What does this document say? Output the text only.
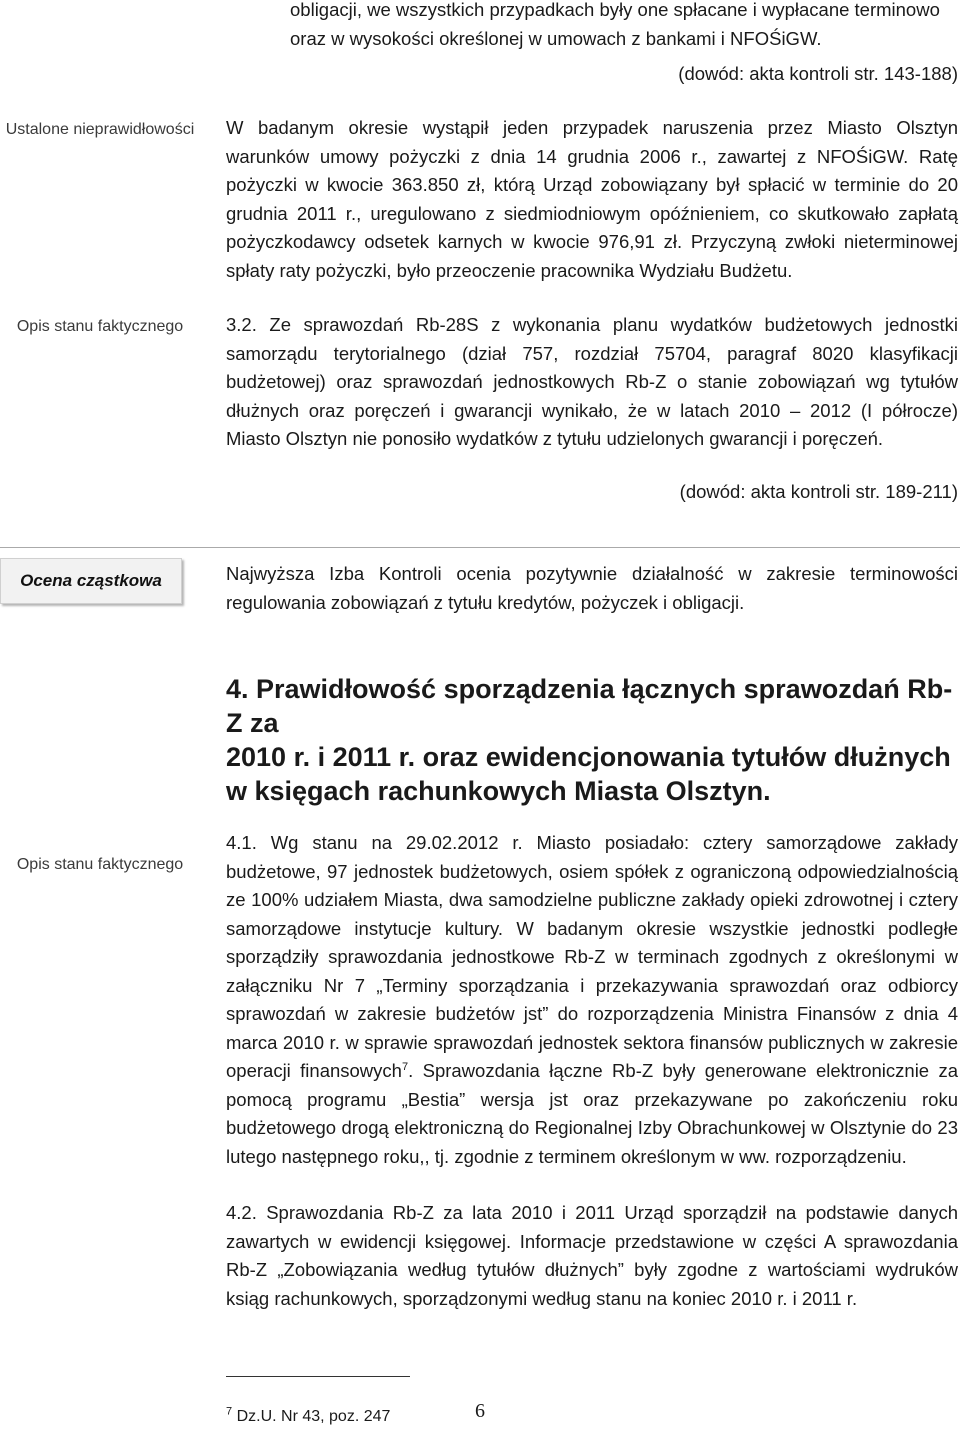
obligacji, we wszystkich przypadkach były one spłacane i wypłacane terminowo
oraz w wysokości określonej w umowach z bankami i NFOŚiGW.
(dowód: akta kontroli str. 143-188)
Ustalone nieprawidłowości	W badanym okresie wystąpił jeden przypadek naruszenia przez Miasto Olsztyn warunków umowy pożyczki z dnia 14 grudnia 2006 r., zawartej z NFOŚiGW. Ratę pożyczki w kwocie 363.850 zł, którą Urząd zobowiązany był spłacić w terminie do 20 grudnia 2011 r., uregulowano z siedmiodniowym opóźnieniem, co skutkowało zapłatą pożyczkodawcy odsetek karnych w kwocie 976,91 zł. Przyczyną zwłoki nieterminowej spłaty raty pożyczki, było przeoczenie pracownika Wydziału Budżetu.
Opis stanu faktycznego	3.2. Ze sprawozdań Rb-28S z wykonania planu wydatków budżetowych jednostki samorządu terytorialnego (dział 757, rozdział 75704, paragraf 8020 klasyfikacji budżetowej) oraz sprawozdań jednostkowych Rb-Z o stanie zobowiązań wg tytułów dłużnych oraz poręczeń i gwarancji wynikało, że w latach 2010 – 2012 (I półrocze) Miasto Olsztyn nie ponosiło wydatków z tytułu udzielonych gwarancji i poręczeń.
(dowód: akta kontroli str. 189-211)
Ocena cząstkowa	Najwyższa Izba Kontroli ocenia pozytywnie działalność w zakresie terminowości regulowania zobowiązań z tytułu kredytów, pożyczek i obligacji.
4. Prawidłowość sporządzenia łącznych sprawozdań Rb-Z za
2010 r. i 2011 r. oraz ewidencjonowania tytułów dłużnych
w księgach rachunkowych Miasta Olsztyn.
Opis stanu faktycznego
4.1. Wg stanu na 29.02.2012 r. Miasto posiadało: cztery samorządowe zakłady budżetowe, 97 jednostek budżetowych, osiem spółek z ograniczoną odpowiedzialnością ze 100% udziałem Miasta, dwa samodzielne publiczne zakłady opieki zdrowotnej i cztery samorządowe instytucje kultury. W badanym okresie wszystkie jednostki podległe sporządziły sprawozdania jednostkowe Rb-Z w terminach zgodnych z określonymi w załączniku Nr 7 „Terminy sporządzania i przekazywania sprawozdań oraz odbiorcy sprawozdań w zakresie budżetów jst” do rozporządzenia Ministra Finansów z dnia 4 marca 2010 r. w sprawie sprawozdań jednostek sektora finansów publicznych w zakresie operacji finansowych$^7$. Sprawozdania łączne Rb-Z były generowane elektronicznie za pomocą programu „Bestia” wersja jst oraz przekazywane po zakończeniu roku budżetowego drogą elektroniczną do Regionalnej Izby Obrachunkowej w Olsztynie do 23 lutego następnego roku,, tj. zgodnie z terminem określonym w ww. rozporządzeniu.
4.2. Sprawozdania Rb-Z za lata 2010 i 2011 Urząd sporządził na podstawie danych zawartych w ewidencji księgowej. Informacje przedstawione w części A sprawozdania Rb-Z „Zobowiązania według tytułów dłużnych” były zgodne z wartościami wydruków ksiąg rachunkowych, sporządzonymi według stanu na koniec 2010 r. i 2011 r.
$^7$ Dz.U. Nr 43, poz. 247	6
